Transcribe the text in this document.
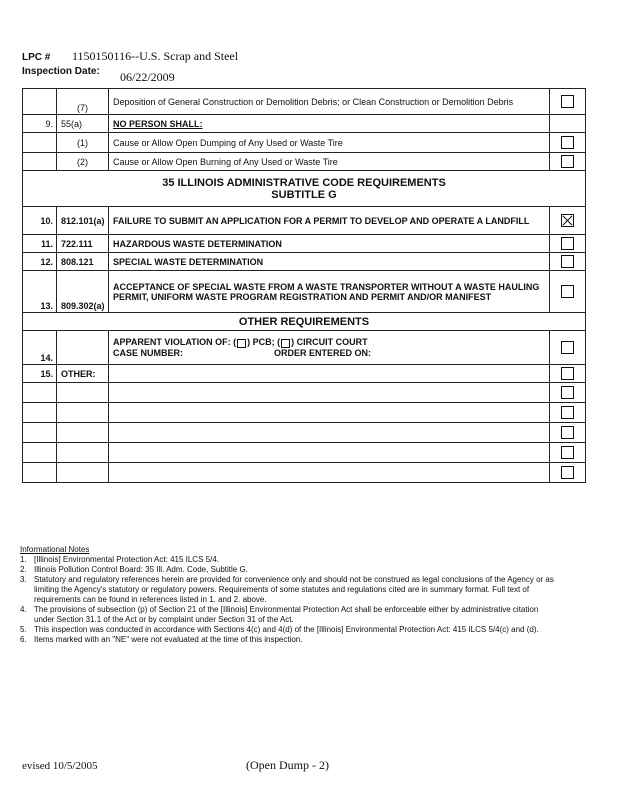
LPC # 1150150116--U.S. Scrap and Steel
Inspection Date: 06/22/2009
	(7)	Deposition of General Construction or Demolition Debris; or Clean Construction or Demolition Debris	
9.	55(a)	NO PERSON SHALL:	
	(1)	Cause or Allow Open Dumping of Any Used or Waste Tire	
	(2)	Cause or Allow Open Burning of Any Used or Waste Tire	

35 ILLINOIS ADMINISTRATIVE CODE REQUIREMENTS
SUBTITLE G			

10.	812.101(a)	FAILURE TO SUBMIT AN APPLICATION FOR A PERMIT TO DEVELOP AND OPERATE A LANDFILL	
11.	722.111	HAZARDOUS WASTE DETERMINATION	
12.	808.121	SPECIAL WASTE DETERMINATION	
13.	809.302(a)	ACCEPTANCE OF SPECIAL WASTE FROM A WASTE TRANSPORTER WITHOUT A WASTE HAULING PERMIT, UNIFORM WASTE PROGRAM REGISTRATION AND PERMIT AND/OR MANIFEST	
OTHER REQUIREMENTS			
14.		APPARENT VIOLATION OF: ( ) PCB; ( ) CIRCUIT COURT
CASE NUMBER: ORDER ENTERED ON:	

15.	OTHER:		

Informational Notes
1. [Illinois] Environmental Protection Act: 415 ILCS 5/4.
2. Illinois Pollution Control Board: 35 Ill. Adm. Code, Subtitle G.
3. Statutory and regulatory references herein are provided for convenience only and should not be construed as legal conclusions of the Agency or as limiting the Agency's statutory or regulatory powers. Requirements of some statutes and regulations cited are in summary format. Full text of requirements can be found in references listed in 1. and 2. above.
4. The provisions of subsection (p) of Section 21 of the [Illinois] Environmental Protection Act shall be enforceable either by administrative citation under Section 31.1 of the Act or by complaint under Section 31 of the Act.
5. This inspection was conducted in accordance with Sections 4(c) and 4(d) of the [Illinois] Environmental Protection Act: 415 ILCS 5/4(c) and (d).
6. Items marked with an "NE" were not evaluated at the time of this inspection.
evised 10/5/2005	(Open Dump - 2)
